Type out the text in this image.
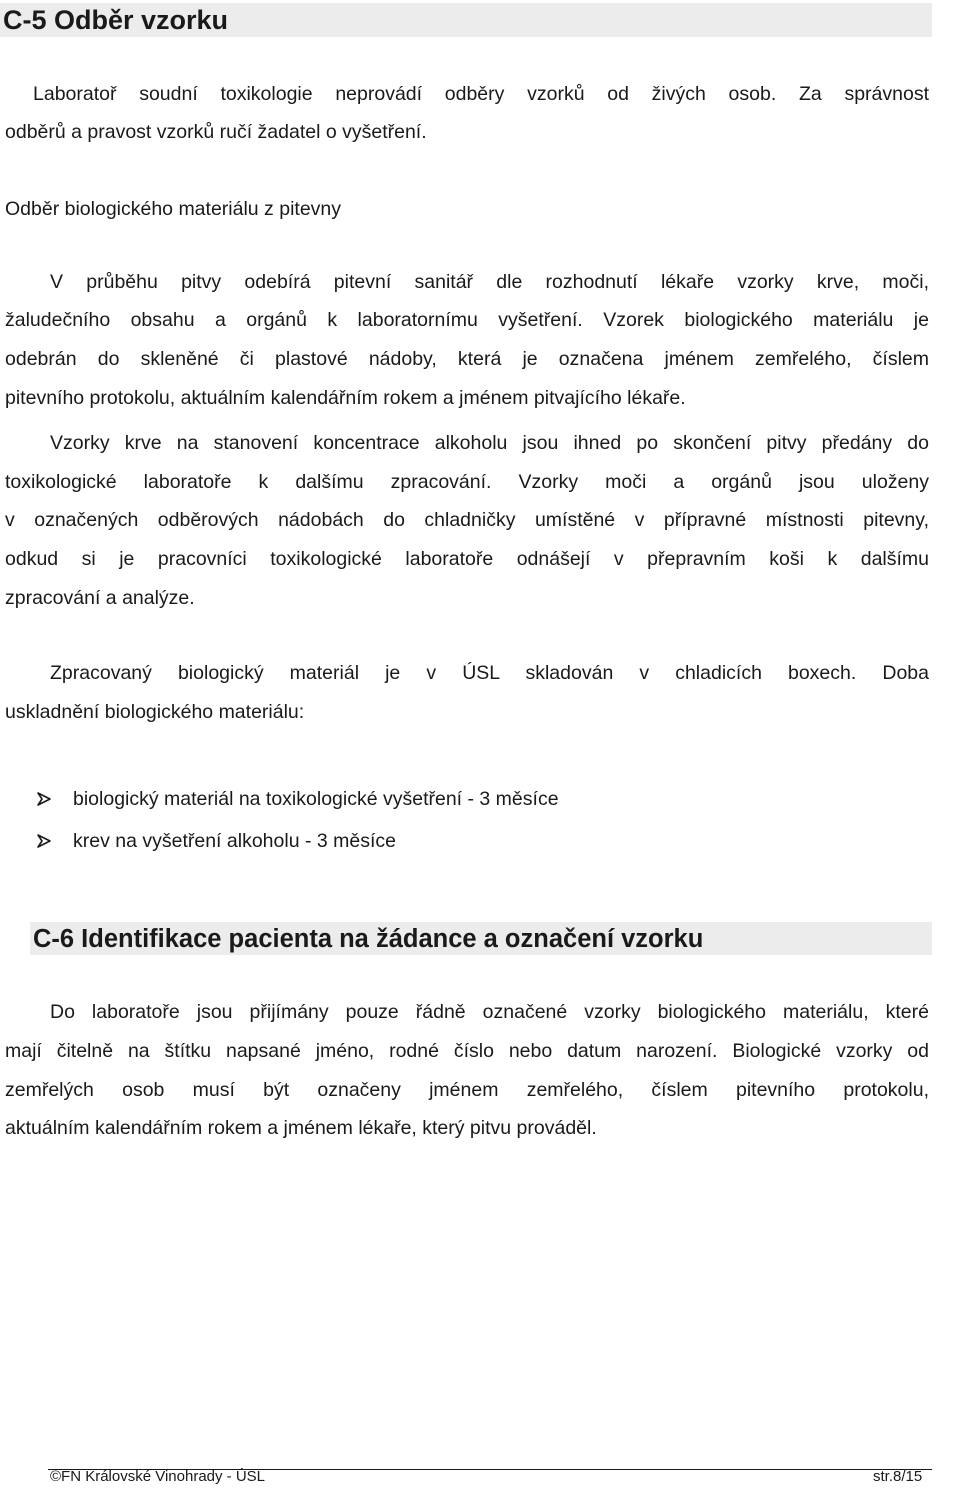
C-5 Odběr vzorku
Laboratoř soudní toxikologie neprovádí odběry vzorků od živých osob. Za správnost
odběrů a pravost vzorků ručí žadatel o vyšetření.
Odběr biologického materiálu z pitevny
V průběhu pitvy odebírá pitevní sanitář dle rozhodnutí lékaře vzorky krve, moči,
žaludečního obsahu a orgánů k laboratornímu vyšetření. Vzorek biologického materiálu je
odebrán do skleněné či plastové nádoby, která je označena jménem zemřelého, číslem
pitevního protokolu, aktuálním kalendářním rokem a jménem pitvajícího lékaře.
Vzorky krve na stanovení koncentrace alkoholu jsou ihned po skončení pitvy předány do
toxikologické laboratoře k dalšímu zpracování. Vzorky moči a orgánů jsou uloženy
v označených odběrových nádobách do chladničky umístěné v přípravné místnosti pitevny,
odkud si je pracovníci toxikologické laboratoře odnášejí v přepravním koši k dalšímu
zpracování a analýze.
Zpracovaný biologický materiál je v ÚSL skladován v chladicích boxech. Doba
uskladnění biologického materiálu:
biologický materiál na toxikologické vyšetření - 3 měsíce
krev na vyšetření alkoholu - 3 měsíce
C-6 Identifikace pacienta na žádance a označení vzorku
Do laboratoře jsou přijímány pouze řádně označené vzorky biologického materiálu, které
mají čitelně na štítku napsané jméno, rodné číslo nebo datum narození. Biologické vzorky od
zemřelých osob musí být označeny jménem zemřelého, číslem pitevního protokolu,
aktuálním kalendářním rokem a jménem lékaře, který pitvu prováděl.
©FN Královské Vinohrady - ÚSL	str.8/15
